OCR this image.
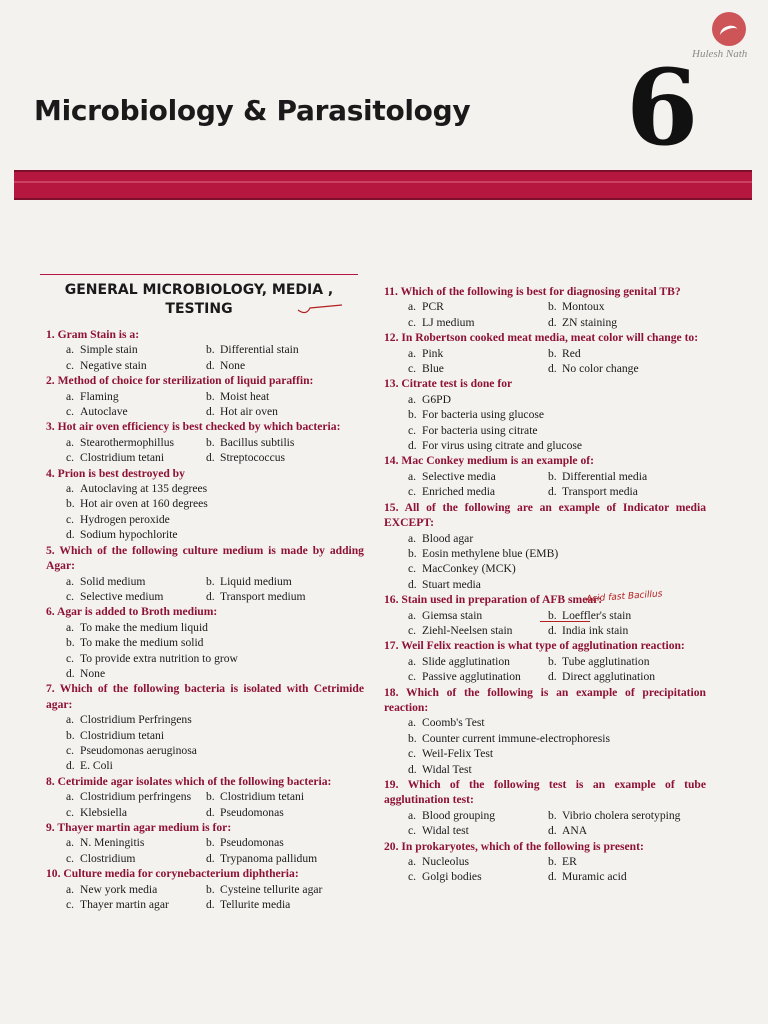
Hulesh Nath
Microbiology & Parasitology 6
GENERAL MICROBIOLOGY, MEDIA ,
TESTING

1. Gram Stain is a:

a. Simple stain	b. Differential stain
c. Negative stain	d. None

2. Method of choice for sterilization of liquid paraffin:

a. Flaming	b. Moist heat
c. Autoclave	d. Hot air oven

3. Hot air oven efficiency is best checked by which bacteria:

a. Stearothermophillus	b. Bacillus subtilis
c. Clostridium tetani	d. Streptococcus

4. Prion is best destroyed by

a. Autoclaving at 135 degrees
b. Hot air oven at 160 degrees
c. Hydrogen peroxide
d. Sodium hypochlorite

5. Which of the following culture medium is made by adding Agar:

a. Solid medium	b. Liquid medium
c. Selective medium	d. Transport medium

6. Agar is added to Broth medium:

a. To make the medium liquid
b. To make the medium solid
c. To provide extra nutrition to grow
d. None

7. Which of the following bacteria is isolated with Cetrimide agar:

a. Clostridium Perfringens
b. Clostridium tetani
c. Pseudomonas aeruginosa
d. E. Coli

8. Cetrimide agar isolates which of the following bacteria:

a. Clostridium perfringens	b. Clostridium tetani
c. Klebsiella	d. Pseudomonas

9. Thayer martin agar medium is for:

a. N. Meningitis	b. Pseudomonas
c. Clostridium	d. Trypanoma pallidum

10. Culture media for corynebacterium diphtheria:

a. New york media	b. Cysteine tellurite agar
c. Thayer martin agar	d. Tellurite media

11. Which of the following is best for diagnosing genital TB?

a. PCR	b. Montoux
c. LJ medium	d. ZN staining

12. In Robertson cooked meat media, meat color will change to:

a. Pink	b. Red
c. Blue	d. No color change

13. Citrate test is done for

a. G6PD
b. For bacteria using glucose
c. For bacteria using citrate
d. For virus using citrate and glucose

14. Mac Conkey medium is an example of:

a. Selective media	b. Differential media
c. Enriched media	d. Transport media

15. All of the following are an example of Indicator media EXCEPT:

a. Blood agar
b. Eosin methylene blue (EMB)
c. MacConkey (MCK)
d. Stuart media

16. Stain used in preparation of AFB smear:

a. Giemsa stain	b. Loeffler's stain
c. Ziehl-Neelsen stain	d. India ink stain

17. Weil Felix reaction is what type of agglutination reaction:

a. Slide agglutination	b. Tube agglutination
c. Passive agglutination	d. Direct agglutination

18. Which of the following is an example of precipitation reaction:

a. Coomb's Test
b. Counter current immune-electrophoresis
c. Weil-Felix Test
d. Widal Test

19. Which of the following test is an example of tube agglutination test:

a. Blood grouping	b. Vibrio cholera serotyping
c. Widal test	d. ANA

20. In prokaryotes, which of the following is present:

a. Nucleolus	b. ER
c. Golgi bodies	d. Muramic acid
Acid fast Bacillus
